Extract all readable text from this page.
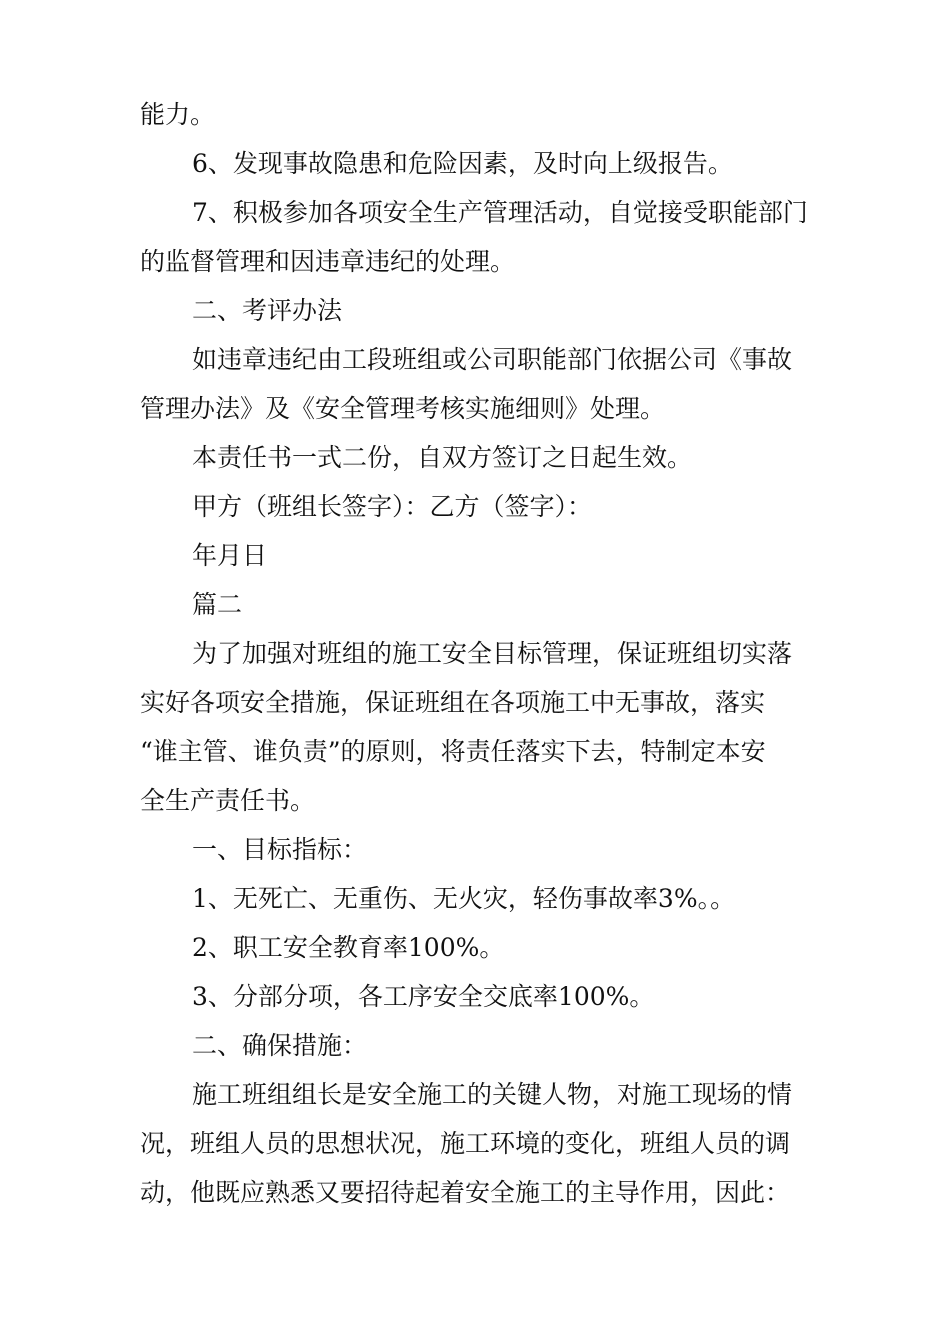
能力。
6、发现事故隐患和危险因素，及时向上级报告。
7、积极参加各项安全生产管理活动，自觉接受职能部门
的监督管理和因违章违纪的处理。
二、考评办法
如违章违纪由工段班组或公司职能部门依据公司《事故
管理办法》及《安全管理考核实施细则》处理。
本责任书一式二份，自双方签订之日起生效。
甲方（班组长签字）：乙方（签字）：
年月日
篇二
为了加强对班组的施工安全目标管理，保证班组切实落
实好各项安全措施，保证班组在各项施工中无事故，落实
“谁主管、谁负责”的原则，将责任落实下去，特制定本安
全生产责任书。
一、目标指标：
1、无死亡、无重伤、无火灾，轻伤事故率3%。。
2、职工安全教育率100%。
3、分部分项，各工序安全交底率100%。
二、确保措施：
施工班组组长是安全施工的关键人物，对施工现场的情
况，班组人员的思想状况，施工环境的变化，班组人员的调
动，他既应熟悉又要招待起着安全施工的主导作用，因此：
